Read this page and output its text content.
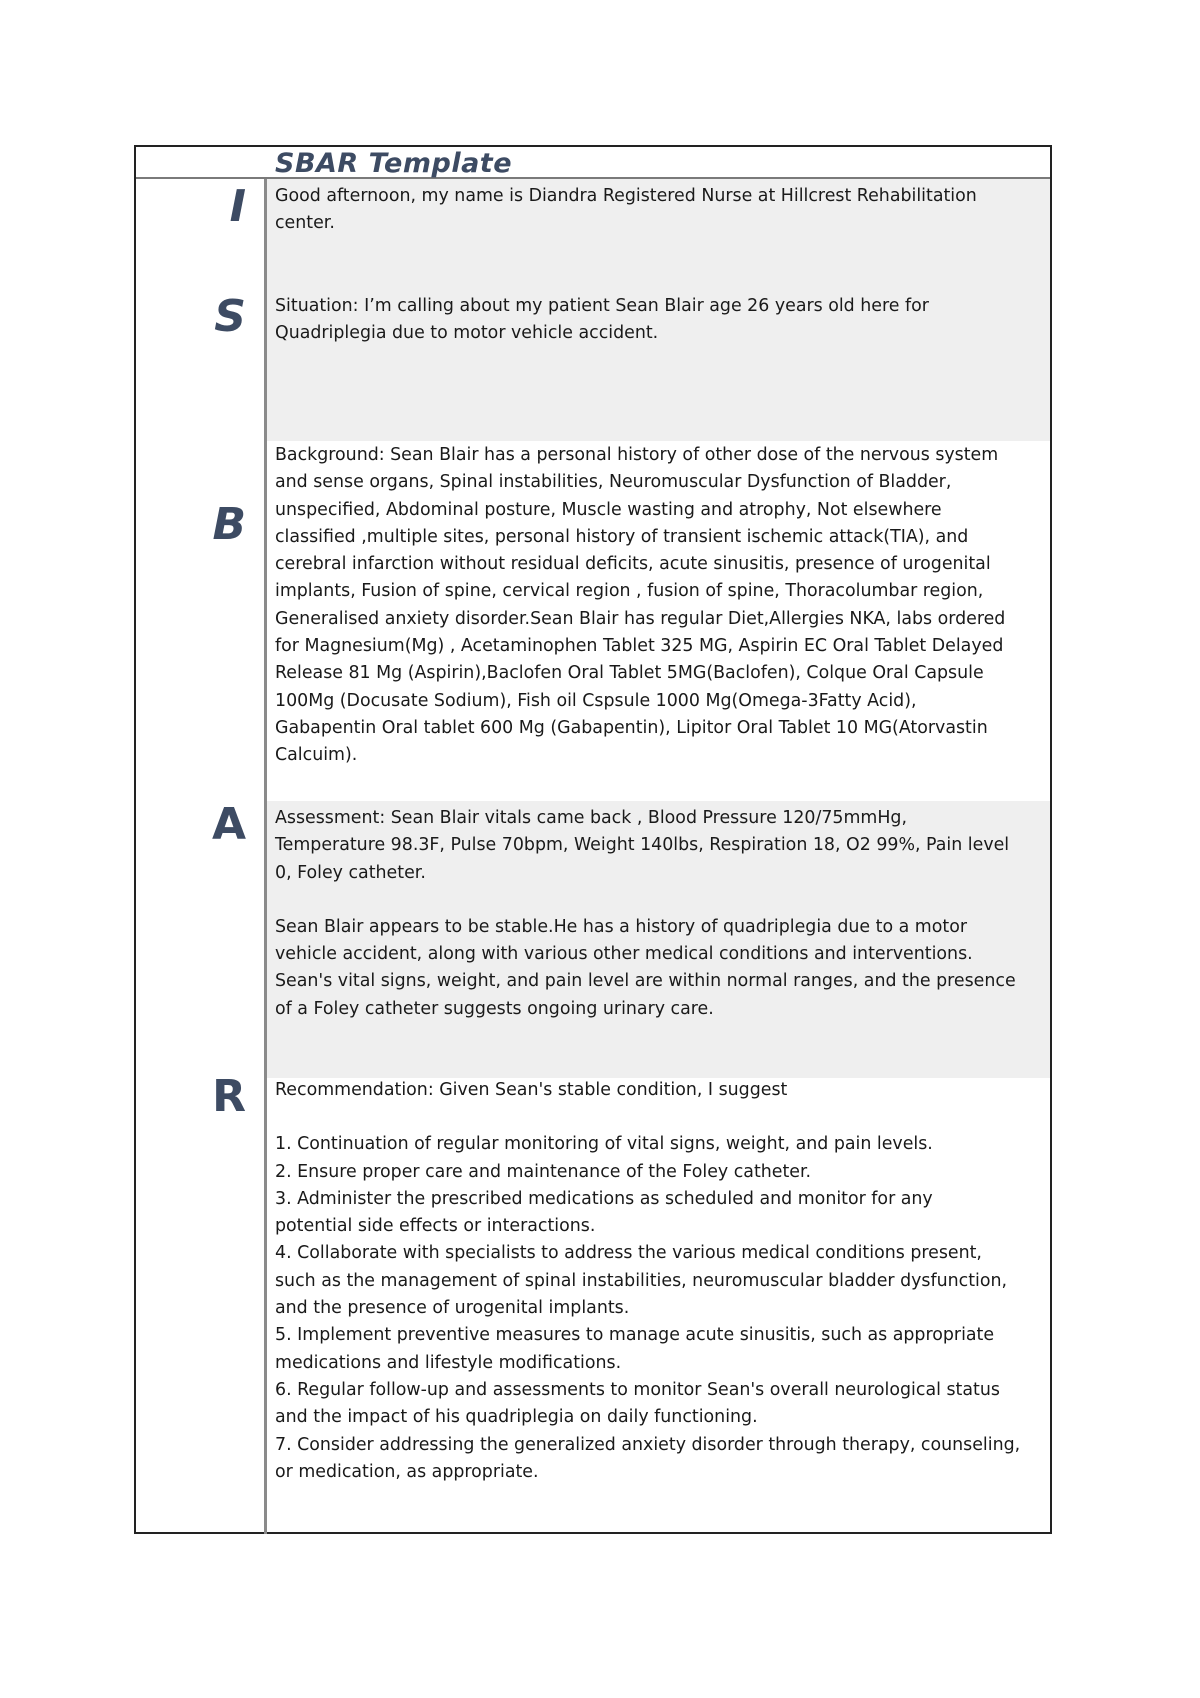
SBAR Template
I
S
B
A
R

Good afternoon, my name is Diandra Registered Nurse at Hillcrest Rehabilitation
center.

Situation: I’m calling about my patient Sean Blair age 26 years old here for
Quadriplegia due to motor vehicle accident.

Background: Sean Blair has a personal history of other dose of the nervous system
and sense organs, Spinal instabilities, Neuromuscular Dysfunction of Bladder,
unspecified, Abdominal posture, Muscle wasting and atrophy, Not elsewhere
classified ,multiple sites, personal history of transient ischemic attack(TIA), and
cerebral infarction without residual deficits, acute sinusitis, presence of urogenital
implants, Fusion of spine, cervical region , fusion of spine, Thoracolumbar region,
Generalised anxiety disorder.Sean Blair has regular Diet,Allergies NKA, labs ordered
for Magnesium(Mg) , Acetaminophen Tablet 325 MG, Aspirin EC Oral Tablet Delayed
Release 81 Mg (Aspirin),Baclofen Oral Tablet 5MG(Baclofen), Colque Oral Capsule
100Mg (Docusate Sodium), Fish oil Cspsule 1000 Mg(Omega-3Fatty Acid),
Gabapentin Oral tablet 600 Mg (Gabapentin), Lipitor Oral Tablet 10 MG(Atorvastin
Calcuim).

Assessment: Sean Blair vitals came back , Blood Pressure 120/75mmHg,
Temperature 98.3F, Pulse 70bpm, Weight 140lbs, Respiration 18, O2 99%, Pain level
0, Foley catheter.

Sean Blair appears to be stable.He has a history of quadriplegia due to a motor
vehicle accident, along with various other medical conditions and interventions.
Sean's vital signs, weight, and pain level are within normal ranges, and the presence
of a Foley catheter suggests ongoing urinary care.

Recommendation: Given Sean's stable condition, I suggest

1. Continuation of regular monitoring of vital signs, weight, and pain levels.

2. Ensure proper care and maintenance of the Foley catheter.

3. Administer the prescribed medications as scheduled and monitor for any
potential side effects or interactions.

4. Collaborate with specialists to address the various medical conditions present,
such as the management of spinal instabilities, neuromuscular bladder dysfunction,
and the presence of urogenital implants.

5. Implement preventive measures to manage acute sinusitis, such as appropriate
medications and lifestyle modifications.

6. Regular follow-up and assessments to monitor Sean's overall neurological status
and the impact of his quadriplegia on daily functioning.

7. Consider addressing the generalized anxiety disorder through therapy, counseling,
or medication, as appropriate.
